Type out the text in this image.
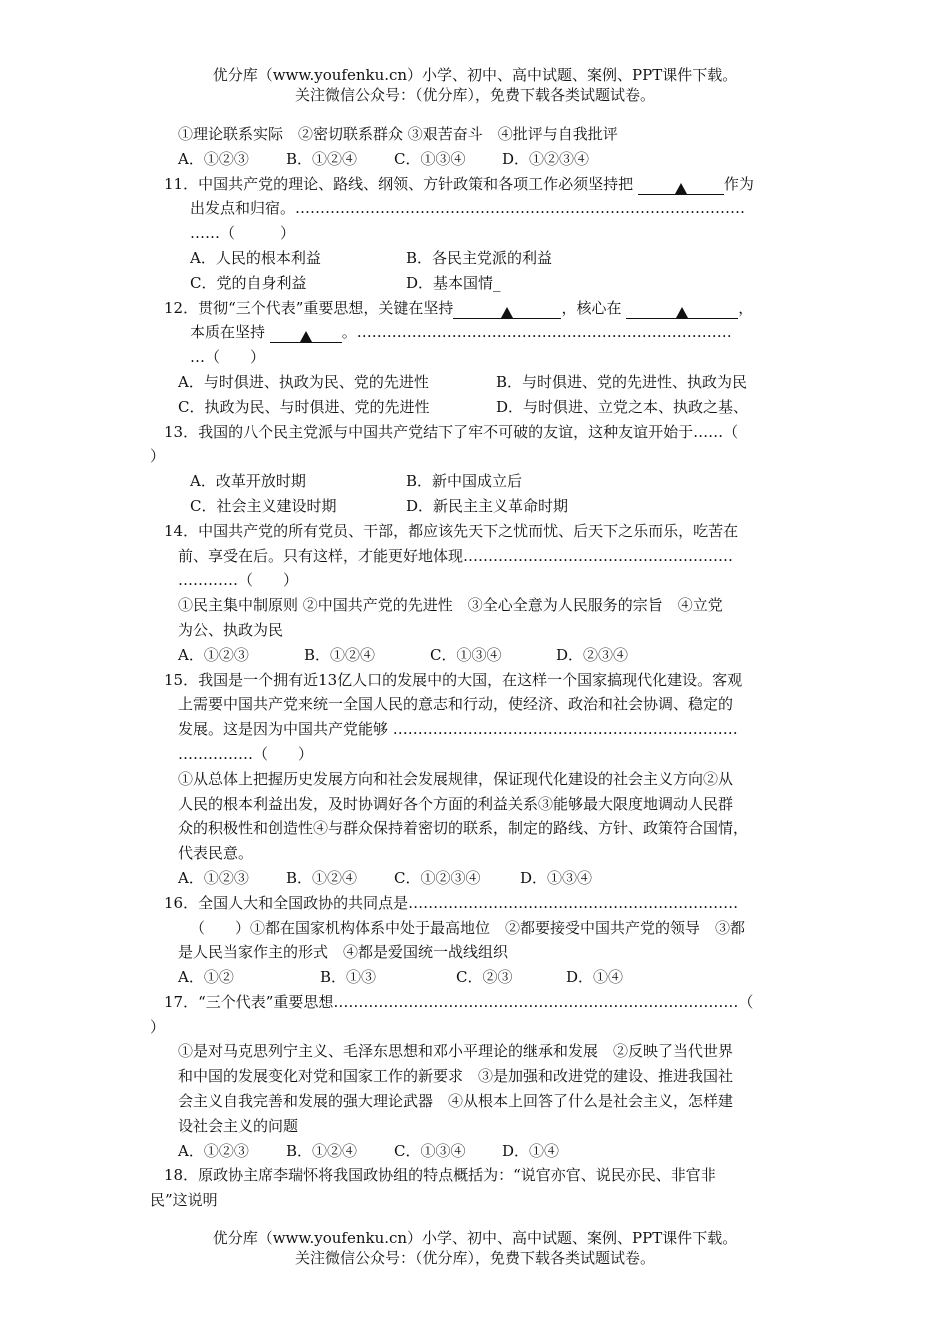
优分库（www.youfenku.cn）小学、初中、高中试题、案例、PPT课件下载。
关注微信公众号：（优分库），免费下载各类试题试卷。
①理论联系实际　②密切联系群众 ③艰苦奋斗　④批评与自我批评
A．①②③ B．①②④ C．①③④ D．①②③④
11．中国共产党的理论、路线、纲领、方针政策和各项工作必须坚持把	作为
出发点和归宿。………………………………………………………………………………
……（　　　）
A．人民的根本利益	B．各民主党派的利益
C．党的自身利益	D．基本国情_
12．贯彻“三个代表”重要思想，关键在坚持	，核心在	，
本质在坚持	。…………………………………………………………………
…（　　）
A．与时俱进、执政为民、党的先进性	B．与时俱进、党的先进性、执政为民
C．执政为民、与时俱进、党的先进性	D．与时俱进、立党之本、执政之基、
13．我国的八个民主党派与中国共产党结下了牢不可破的友谊，这种友谊开始于……（
）
A．改革开放时期	B．新中国成立后
C．社会主义建设时期	D．新民主主义革命时期
14．中国共产党的所有党员、干部，都应该先天下之忧而忧、后天下之乐而乐，吃苦在
前、享受在后。只有这样，才能更好地体现………………………………………………
…………（　　）
①民主集中制原则 ②中国共产党的先进性　③全心全意为人民服务的宗旨　④立党
为公、执政为民
A．①②③	B．①②④	C．①③④	D．②③④
15．我国是一个拥有近13亿人口的发展中的大国，在这样一个国家搞现代化建设。客观
上需要中国共产党来统一全国人民的意志和行动，使经济、政治和社会协调、稳定的
发展。这是因为中国共产党能够 ……………………………………………………………
……………（　　）
①从总体上把握历史发展方向和社会发展规律，保证现代化建设的社会主义方向②从
人民的根本利益出发，及时协调好各个方面的利益关系③能够最大限度地调动人民群
众的积极性和创造性④与群众保持着密切的联系，制定的路线、方针、政策符合国情，
代表民意。
A．①②③ B．①②④ C．①②③④	D．①③④
16．全国人大和全国政协的共同点是…………………………………………………………
（　　）①都在国家机构体系中处于最高地位　②都要接受中国共产党的领导　③都
是人民当家作主的形式　④都是爱国统一战线组织
A．①②	B．①③	C．②③	D．①④
17．“三个代表”重要思想………………………………………………………………………（
）
①是对马克思列宁主义、毛泽东思想和邓小平理论的继承和发展　②反映了当代世界
和中国的发展变化对党和国家工作的新要求　③是加强和改进党的建设、推进我国社
会主义自我完善和发展的强大理论武器　④从根本上回答了什么是社会主义，怎样建
设社会主义的问题
A．①②③ B．①②④ C．①③④ D．①④
18．原政协主席李瑞怀将我国政协组的特点概括为：“说官亦官、说民亦民、非官非
民”这说明
优分库（www.youfenku.cn）小学、初中、高中试题、案例、PPT课件下载。
关注微信公众号：（优分库），免费下载各类试题试卷。
